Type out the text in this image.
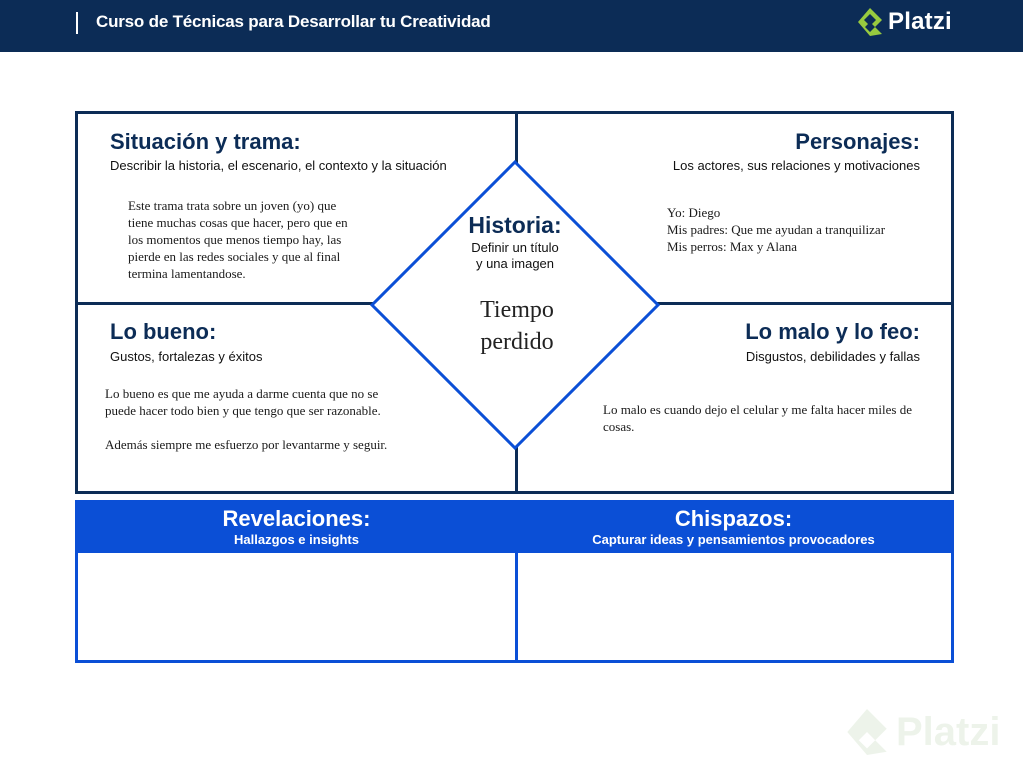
Curso de Técnicas para Desarrollar tu Creatividad	Platzi
Situación y trama:
Describir la historia, el escenario, el contexto y la situación
Este trama trata sobre un joven (yo) que
tiene muchas cosas que hacer, pero que en
los momentos que menos tiempo hay, las
pierde en las redes sociales y que al final
termina lamentandose.
Personajes:
Los actores, sus relaciones y motivaciones
Yo: Diego
Mis padres: Que me ayudan a tranquilizar
Mis perros: Max y Alana
Lo bueno:
Gustos, fortalezas y éxitos
Lo bueno es que me ayuda a darme cuenta que no se
puede hacer todo bien y que tengo que ser razonable.
Además siempre me esfuerzo por levantarme y seguir.
Lo malo y lo feo:
Disgustos, debilidades y fallas
Lo malo es cuando dejo el celular y me falta hacer miles de
cosas.
Historia:
Definir un título
y una imagen
Tiempo
perdido
Revelaciones:
Hallazgos e insights
Chispazos:
Capturar ideas y pensamientos provocadores
Platzi
